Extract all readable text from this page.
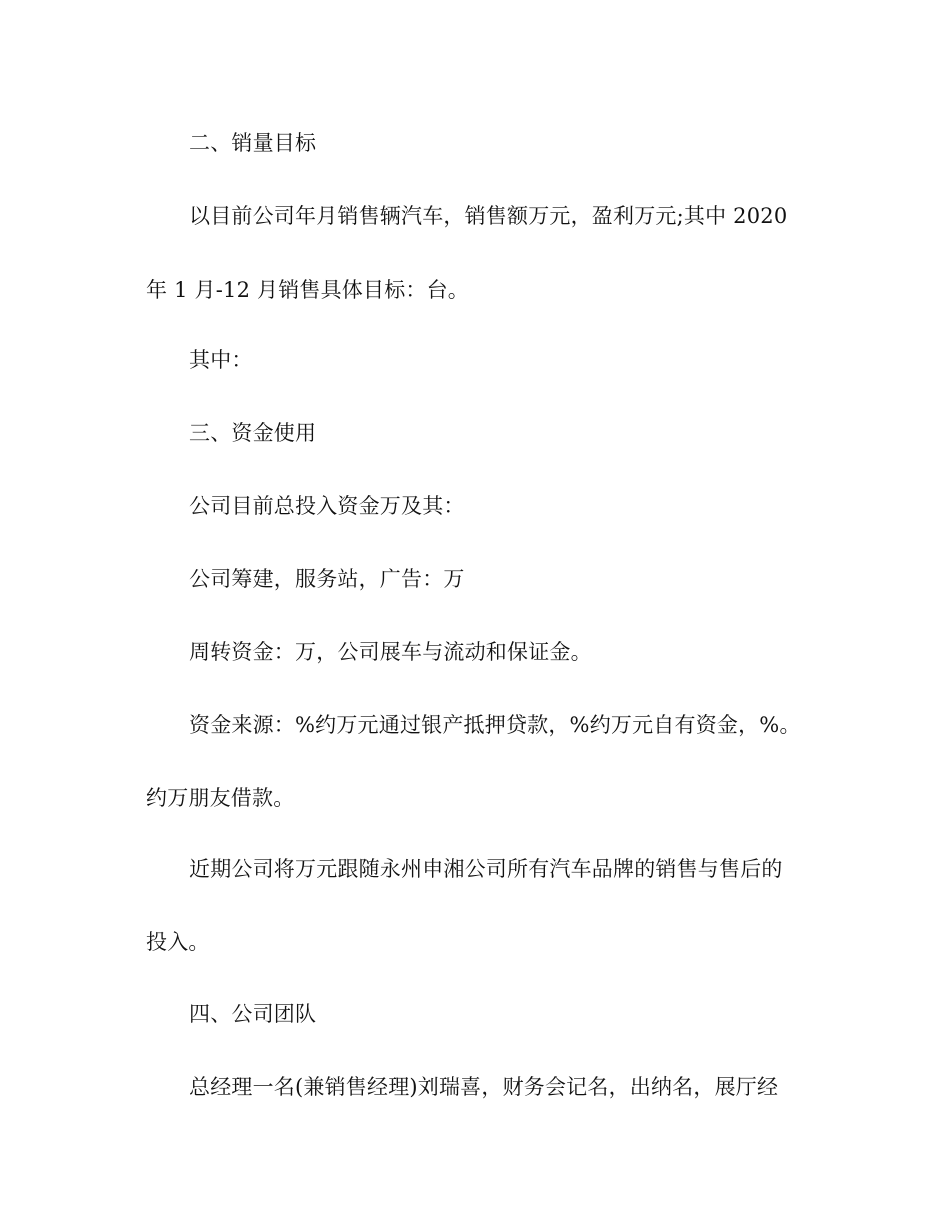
二、销量目标
以目前公司年月销售辆汽车，销售额万元，盈利万元;其中 2020
年 1 月-12 月销售具体目标：台。
其中：
三、资金使用
公司目前总投入资金万及其：
公司筹建，服务站，广告：万
周转资金：万，公司展车与流动和保证金。
资金来源：%约万元通过银产抵押贷款，%约万元自有资金，%。
约万朋友借款。
近期公司将万元跟随永州申湘公司所有汽车品牌的销售与售后的
投入。
四、公司团队
总经理一名(兼销售经理)刘瑞喜，财务会记名，出纳名，展厅经
